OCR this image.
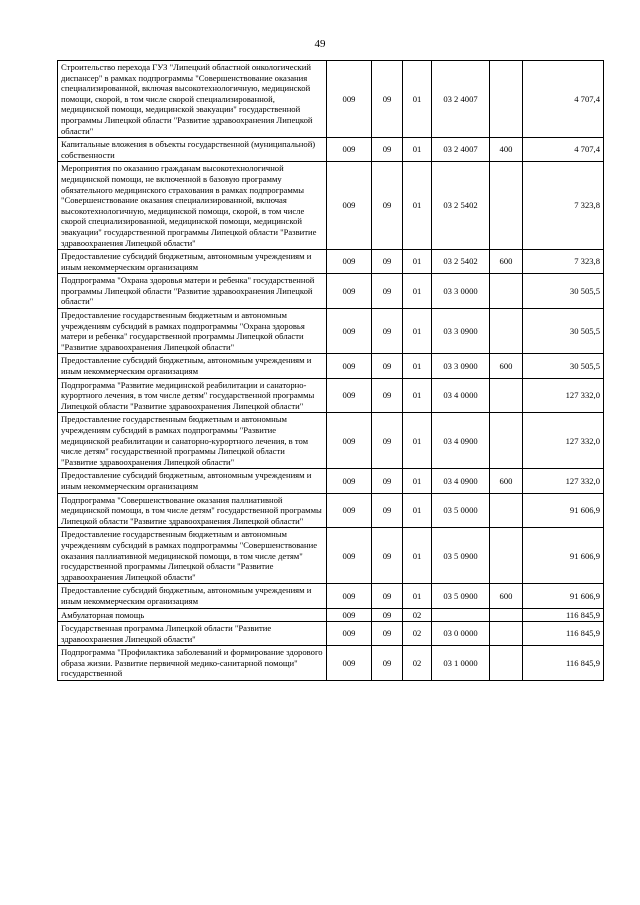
49
Строительство перехода ГУЗ "Липецкий областной онкологический диспансер" в рамках подпрограммы "Совершенствование оказания специализированной, включая высокотехнологичную, медицинской помощи, скорой, в том числе скорой специализированной, медицинской помощи, медицинской эвакуации" государственной программы Липецкой области "Развитие здравоохранения Липецкой области"	009	09	01	03 2 4007		4 707,4
Капитальные вложения в объекты государственной (муниципальной) собственности	009	09	01	03 2 4007	400	4 707,4
Мероприятия по оказанию гражданам высокотехнологичной медицинской помощи, не включенной в базовую программу обязательного медицинского страхования в рамках подпрограммы "Совершенствование оказания специализированной, включая высокотехнологичную, медицинской помощи, скорой, в том числе скорой специализированной, медицинской помощи, медицинской эвакуации" государственной программы Липецкой области "Развитие здравоохранения Липецкой области"	009	09	01	03 2 5402		7 323,8
Предоставление субсидий бюджетным, автономным учреждениям и иным некоммерческим организациям	009	09	01	03 2 5402	600	7 323,8
Подпрограмма "Охрана здоровья матери и ребенка" государственной программы Липецкой области "Развитие здравоохранения Липецкой области"	009	09	01	03 3 0000		30 505,5
Предоставление государственным бюджетным и автономным учреждениям субсидий в рамках подпрограммы "Охрана здоровья матери и ребенка" государственной программы Липецкой области "Развитие здравоохранения Липецкой области"	009	09	01	03 3 0900		30 505,5
Предоставление субсидий бюджетным, автономным учреждениям и иным некоммерческим организациям	009	09	01	03 3 0900	600	30 505,5
Подпрограмма "Развитие медицинской реабилитации и санаторно-курортного лечения, в том числе детям" государственной программы Липецкой области "Развитие здравоохранения Липецкой области"	009	09	01	03 4 0000		127 332,0
Предоставление государственным бюджетным и автономным учреждениям субсидий в рамках подпрограммы "Развитие медицинской реабилитации и санаторно-курортного лечения, в том числе детям" государственной программы Липецкой области "Развитие здравоохранения Липецкой области"	009	09	01	03 4 0900		127 332,0
Предоставление субсидий бюджетным, автономным учреждениям и иным некоммерческим организациям	009	09	01	03 4 0900	600	127 332,0
Подпрограмма "Совершенствование оказания паллиативной медицинской помощи, в том числе детям" государственной программы Липецкой области "Развитие здравоохранения Липецкой области"	009	09	01	03 5 0000		91 606,9
Предоставление государственным бюджетным и автономным учреждениям субсидий в рамках подпрограммы "Совершенствование оказания паллиативной медицинской помощи, в том числе детям" государственной программы Липецкой области "Развитие здравоохранения Липецкой области"	009	09	01	03 5 0900		91 606,9
Предоставление субсидий бюджетным, автономным учреждениям и иным некоммерческим организациям	009	09	01	03 5 0900	600	91 606,9
Амбулаторная помощь	009	09	02			116 845,9
Государственная программа Липецкой области "Развитие здравоохранения Липецкой области"	009	09	02	03 0 0000		116 845,9
Подпрограмма "Профилактика заболеваний и формирование здорового образа жизни. Развитие первичной медико-санитарной помощи" государственной	009	09	02	03 1 0000		116 845,9
